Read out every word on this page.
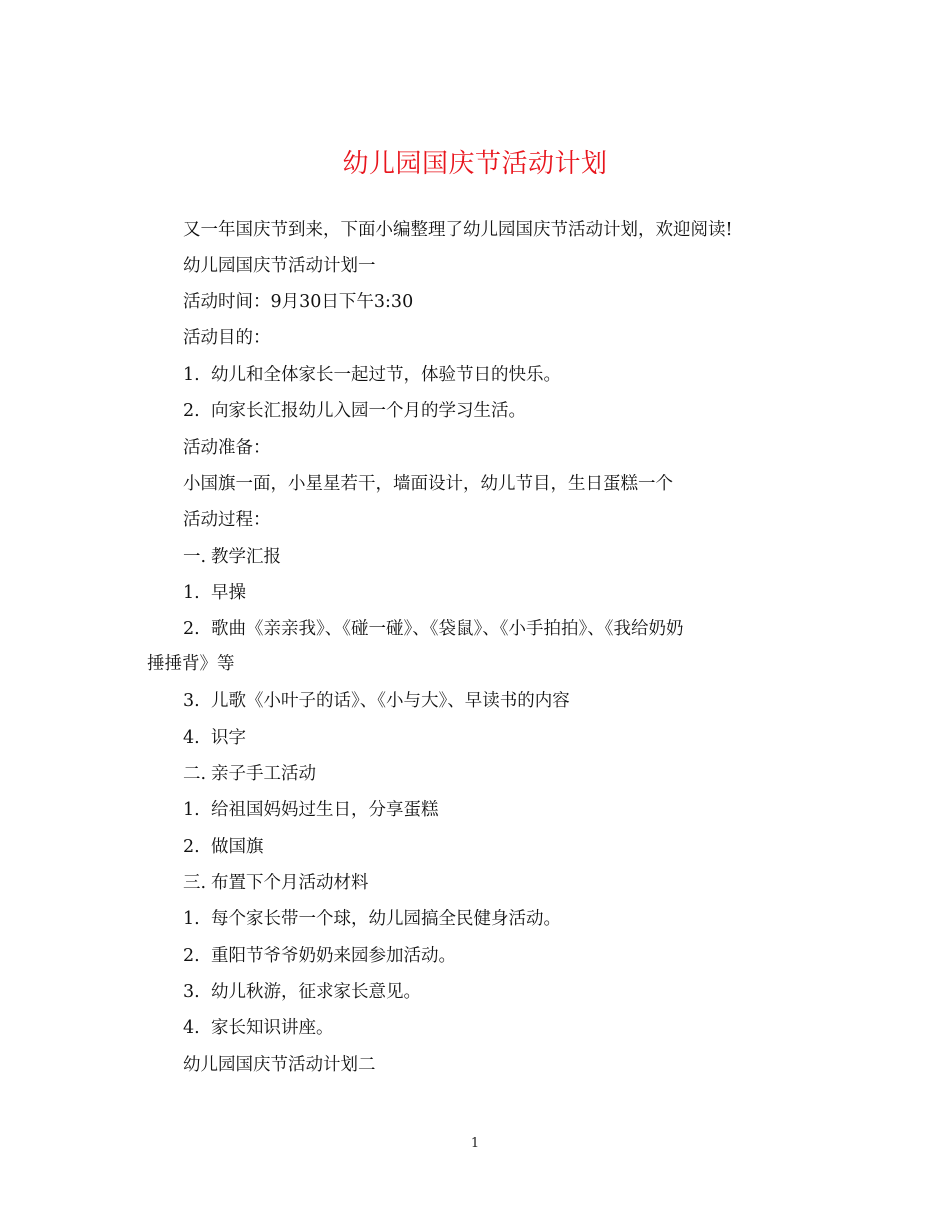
幼儿园国庆节活动计划
又一年国庆节到来，下面小编整理了幼儿园国庆节活动计划，欢迎阅读!
幼儿园国庆节活动计划一
活动时间：9月30日下午3:30
活动目的：
1. 幼儿和全体家长一起过节，体验节日的快乐。
2. 向家长汇报幼儿入园一个月的学习生活。
活动准备：
小国旗一面，小星星若干，墙面设计，幼儿节目，生日蛋糕一个
活动过程：
一. 教学汇报
1. 早操
2. 歌曲《亲亲我》、《碰一碰》、《袋鼠》、《小手拍拍》、《我给奶奶
捶捶背》等
3. 儿歌《小叶子的话》、《小与大》、早读书的内容
4. 识字
二. 亲子手工活动
1. 给祖国妈妈过生日，分享蛋糕
2. 做国旗
三. 布置下个月活动材料
1. 每个家长带一个球，幼儿园搞全民健身活动。
2. 重阳节爷爷奶奶来园参加活动。
3. 幼儿秋游，征求家长意见。
4. 家长知识讲座。
幼儿园国庆节活动计划二
1
